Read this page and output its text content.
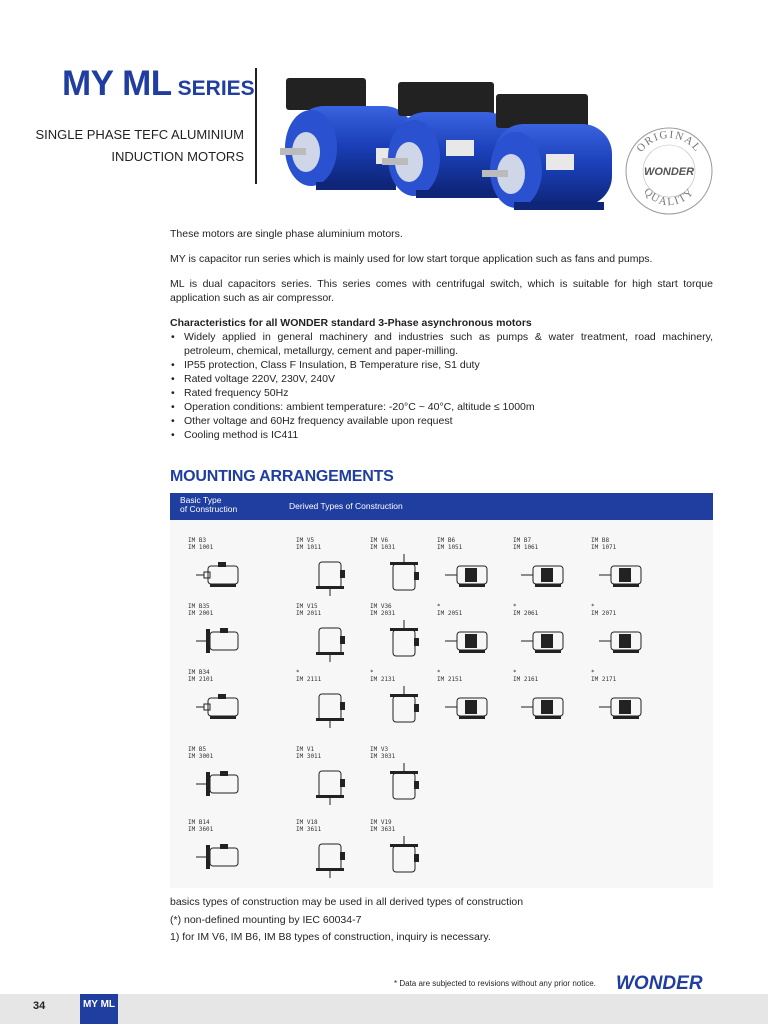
MY ML SERIES
SINGLE PHASE TEFC ALUMINIUM
INDUCTION MOTORS
ORIGINAL
WONDER
QUALITY

These motors are single phase aluminium motors.

MY is capacitor run series which is mainly used for low start torque application such as fans and pumps.

ML is dual capacitors series. This series comes with centrifugal switch, which is suitable for high start torque application such as air compressor.

Characteristics for all WONDER standard 3-Phase asynchronous motors
• Widely applied in general machinery and industries such as pumps & water treatment, road machinery, petroleum, chemical, metallurgy, cement and paper-milling.
• IP55 protection, Class F Insulation, B Temperature rise, S1 duty
• Rated voltage 220V, 230V, 240V
• Rated frequency 50Hz
• Operation conditions: ambient temperature: -20°C ~ 40°C, altitude ≤ 1000m
• Other voltage and 60Hz frequency available upon request
• Cooling method is IC411
MOUNTING ARRANGEMENTS
Basic Type
of Construction	Derived Types of Construction
IM B3
IM 1001
IM V5
IM 1011
IM V6
IM 1031
IM B6
IM 1051
IM B7
IM 1061
IM B8
IM 1071
IM B35
IM 2001
IM V15
IM 2011
IM V36
IM 2031
*
IM 2051
*
IM 2061
*
IM 2071
IM B34
IM 2101
*
IM 2111
*
IM 2131
*
IM 2151
*
IM 2161
*
IM 2171
IM B5
IM 3001
IM V1
IM 3011
IM V3
IM 3031
IM B14
IM 3601
IM V18
IM 3611
IM V19
IM 3631
basics types of construction may be used in all derived types of construction
(*) non-defined mounting by IEC 60034-7
1) for IM V6, IM B6, IM B8 types of construction, inquiry is necessary.
* Data are subjected to revisions without any prior notice. WONDER
34	MY ML
